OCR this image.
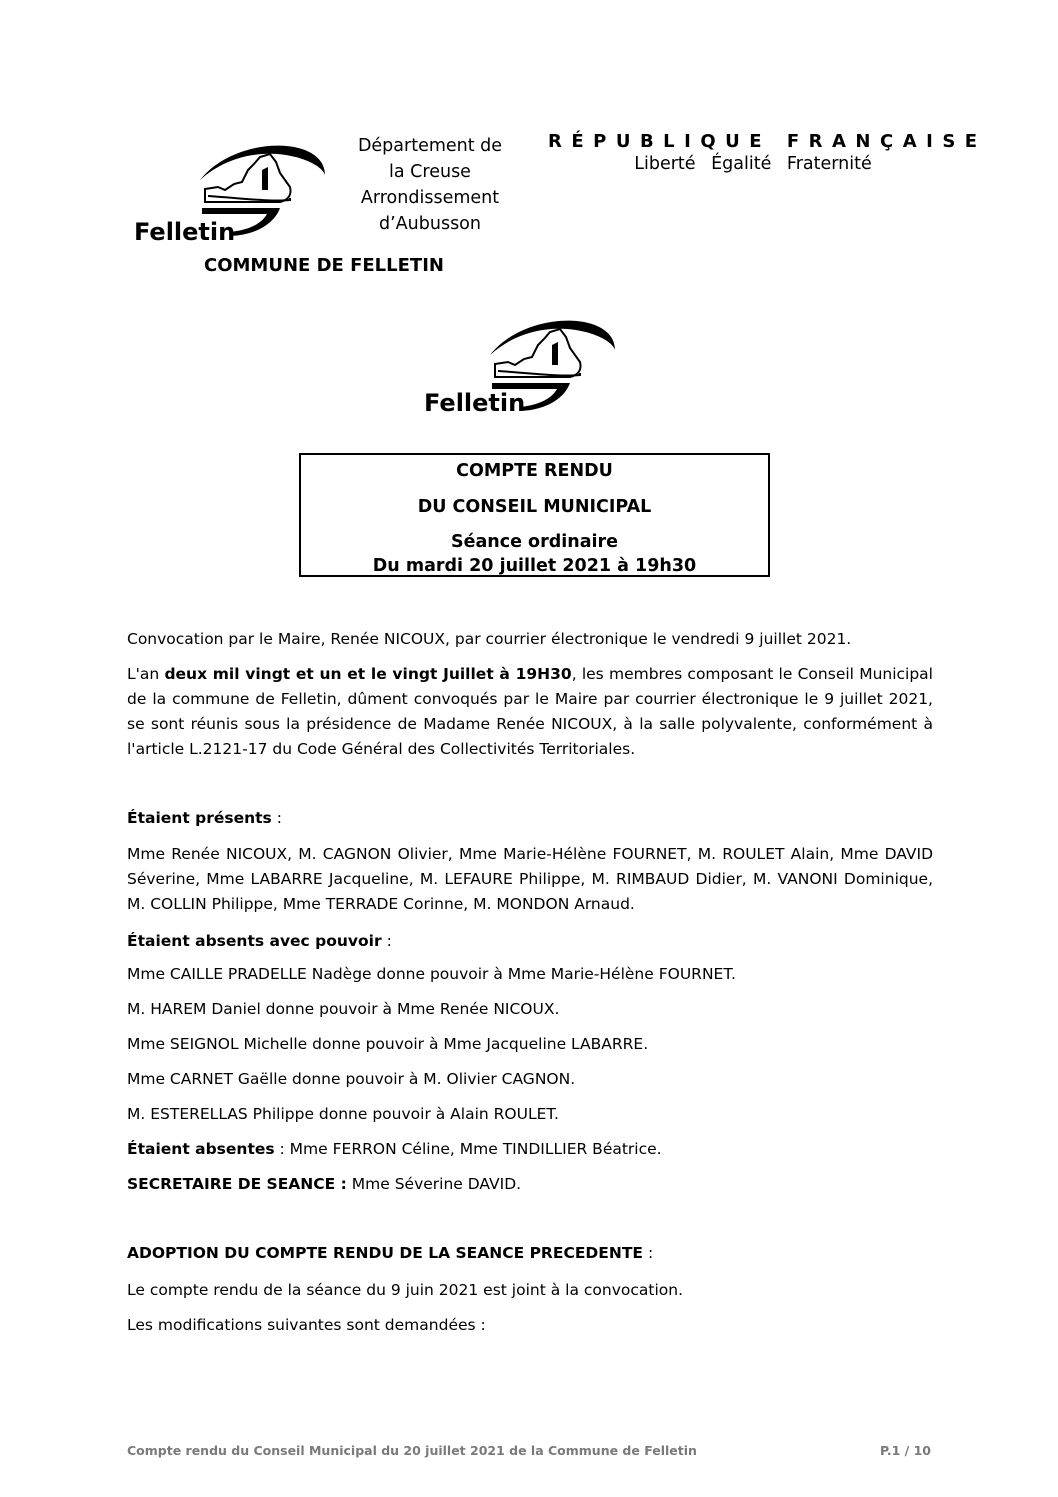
Felletin
Département de
la Creuse
Arrondissement
d’Aubusson
RÉPUBLIQUE FRANÇAISE
Liberté Égalité Fraternité
COMMUNE DE FELLETIN
Felletin
COMPTE RENDU
DU CONSEIL MUNICIPAL
Séance ordinaire
Du mardi 20 juillet 2021 à 19h30
Convocation par le Maire, Renée NICOUX, par courrier électronique le vendredi 9 juillet 2021.
L'an deux mil vingt et un et le vingt Juillet à 19H30, les membres composant le Conseil Municipal de la commune de Felletin, dûment convoqués par le Maire par courrier électronique le 9 juillet 2021, se sont réunis sous la présidence de Madame Renée NICOUX, à la salle polyvalente, conformément à l'article L.2121-17 du Code Général des Collectivités Territoriales.
Étaient présents :
Mme Renée NICOUX, M. CAGNON Olivier, Mme Marie-Hélène FOURNET, M. ROULET Alain, Mme DAVID Séverine, Mme LABARRE Jacqueline, M. LEFAURE Philippe, M. RIMBAUD Didier, M. VANONI Dominique, M. COLLIN Philippe, Mme TERRADE Corinne, M. MONDON Arnaud.
Étaient absents avec pouvoir :
Mme CAILLE PRADELLE Nadège donne pouvoir à Mme Marie-Hélène FOURNET.
M. HAREM Daniel donne pouvoir à Mme Renée NICOUX.
Mme SEIGNOL Michelle donne pouvoir à Mme Jacqueline LABARRE.
Mme CARNET Gaëlle donne pouvoir à M. Olivier CAGNON.
M. ESTERELLAS Philippe donne pouvoir à Alain ROULET.
Étaient absentes : Mme FERRON Céline, Mme TINDILLIER Béatrice.
SECRETAIRE DE SEANCE : Mme Séverine DAVID.
ADOPTION DU COMPTE RENDU DE LA SEANCE PRECEDENTE :
Le compte rendu de la séance du 9 juin 2021 est joint à la convocation.
Les modifications suivantes sont demandées :
Compte rendu du Conseil Municipal du 20 juillet 2021 de la Commune de Felletin	P.1 / 10
